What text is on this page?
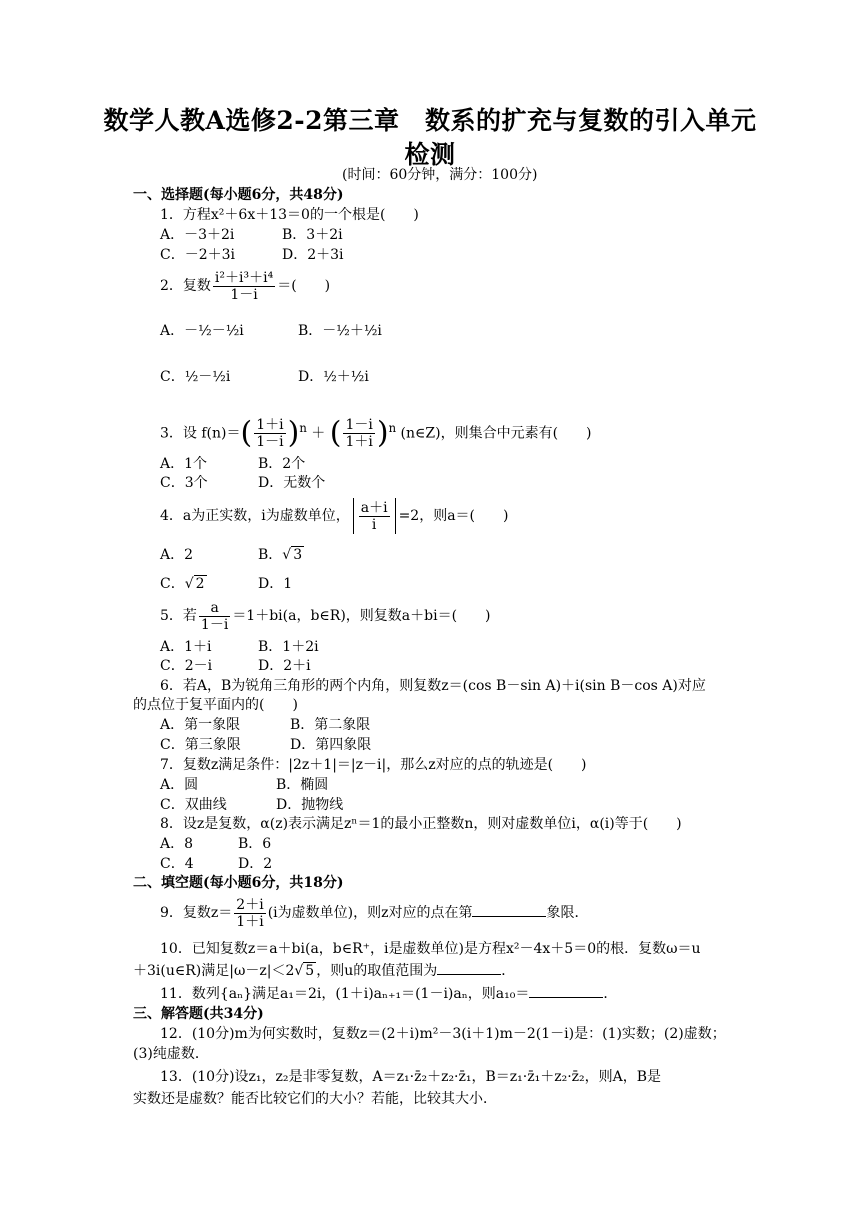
数学人教A选修2-2第三章　数系的扩充与复数的引入单元
检测
(时间：60分钟，满分：100分)
一、选择题(每小题6分，共48分)
1．方程x²＋6x＋13＝0的一个根是(　　)
A．－3＋2i	B．3＋2i
C．－2＋3i	D．2＋3i
2．复数 $\frac{\text{i²＋i³＋i⁴}}{1-i}$ ＝(　　)
A．－½－½i	B．－½＋½i
C．½－½i	D．½＋½i
3．设 $f(n)=( \frac{1+i}{1-i} )^n$ ＋ ( $\frac{1-i}{1+i} )^n$ (n∈Z)，则集合中元素有(　　)
A．1个	B．2个
C．3个	D．无数个
4．a为正实数，i为虚数单位， $\frac{a+i}{i} =2$，则a＝(　　)
A．2	B．√ 3
C．√ 2	D．1
5．若 $\frac{a}{1-i} =1+bi(a$，b∈R)，则复数a＋bi＝(　　)
A．1＋i	B．1＋2i
C．2－i	D．2＋i
6．若A，B为锐角三角形的两个内角，则复数z＝(cos B－sin A)＋i(sin B－cos A)对应
的点位于复平面内的(　　)
A．第一象限	B．第二象限
C．第三象限	D．第四象限
7．复数z满足条件：|2z＋1|＝|z－i|，那么z对应的点的轨迹是(　　)
A．圆	B．椭圆
C．双曲线	D．抛物线
8．设z是复数，α(z)表示满足zⁿ＝1的最小正整数n，则对虚数单位i，α(i)等于(　　)
A．8	B．6
C．4	D．2
二、填空题(每小题6分，共18分)
9．复数$z= \frac{2+i}{1+i} (i$为虚数单位)，则z对应的点在第	象限．
10．已知复数z＝a＋bi(a，b∈R⁺，i是虚数单位)是方程x²－4x＋5＝0的根．复数ω＝u
＋3i(u∈R)满足|ω－z|＜2√ 5 ，则u的取值范围为	．
11．数列{aₙ}满足a₁＝2i，(1＋i)aₙ₊₁＝(1－i)aₙ，则a₁₀＝	．
三、解答题(共34分)
12．(10分)m为何实数时，复数z＝(2＋i)m²－3(i＋1)m－2(1－i)是：(1)实数；(2)虚数；
(3)纯虚数．
13．(10分)设z₁，z₂是非零复数，A＝z₁·z̄₂＋z₂·z̄₁，B＝z₁·z̄₁＋z₂·z̄₂，则A，B是
实数还是虚数？能否比较它们的大小？若能，比较其大小．
